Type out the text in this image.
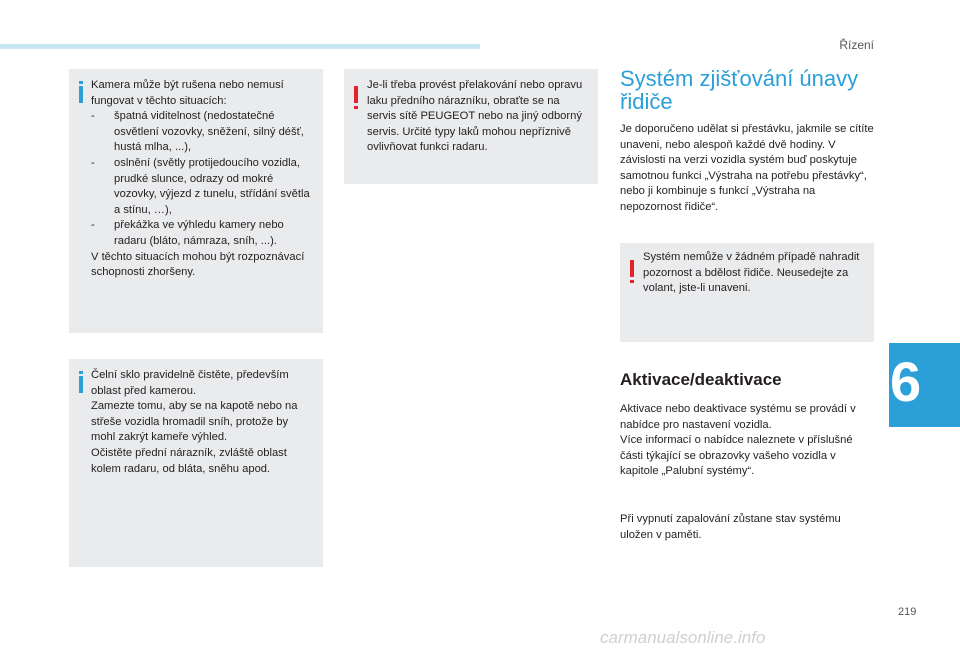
Řízení

Kamera může být rušena nebo nemusí fungovat v těchto situacích:

- špatná viditelnost (nedostatečné osvětlení vozovky, sněžení, silný déšť, hustá mlha, ...),
- oslnění (světly protijedoucího vozidla, prudké slunce, odrazy od mokré vozovky, výjezd z tunelu, střídání světla a stínu, …),
- překážka ve výhledu kamery nebo radaru (bláto, námraza, sníh, ...).

V těchto situacích mohou být rozpoznávací schopnosti zhoršeny.

Čelní sklo pravidelně čistěte, především oblast před kamerou.

Zamezte tomu, aby se na kapotě nebo na střeše vozidla hromadil sníh, protože by mohl zakrýt kameře výhled.

Očistěte přední nárazník, zvláště oblast kolem radaru, od bláta, sněhu apod.

Je-li třeba provést přelakování nebo opravu laku předního nárazníku, obraťte se na servis sítě PEUGEOT nebo na jiný odborný servis. Určité typy laků mohou nepříznivě ovlivňovat funkci radaru.

Systém zjišťování únavy řidiče

Je doporučeno udělat si přestávku, jakmile se cítíte unaveni, nebo alespoň každé dvě hodiny. V závislosti na verzi vozidla systém buď poskytuje samotnou funkci „Výstraha na potřebu přestávky“, nebo ji kombinuje s funkcí „Výstraha na nepozornost řidiče“.

Systém nemůže v žádném případě nahradit pozornost a bdělost řidiče. Neusedejte za volant, jste-li unaveni.

Aktivace/deaktivace

Aktivace nebo deaktivace systému se provádí v nabídce pro nastavení vozidla.

Více informací o nabídce naleznete v příslušné části týkající se obrazovky vašeho vozidla v kapitole „Palubní systémy“.

Při vypnutí zapalování zůstane stav systému uložen v paměti.

6
219
carmanualsonline.info
